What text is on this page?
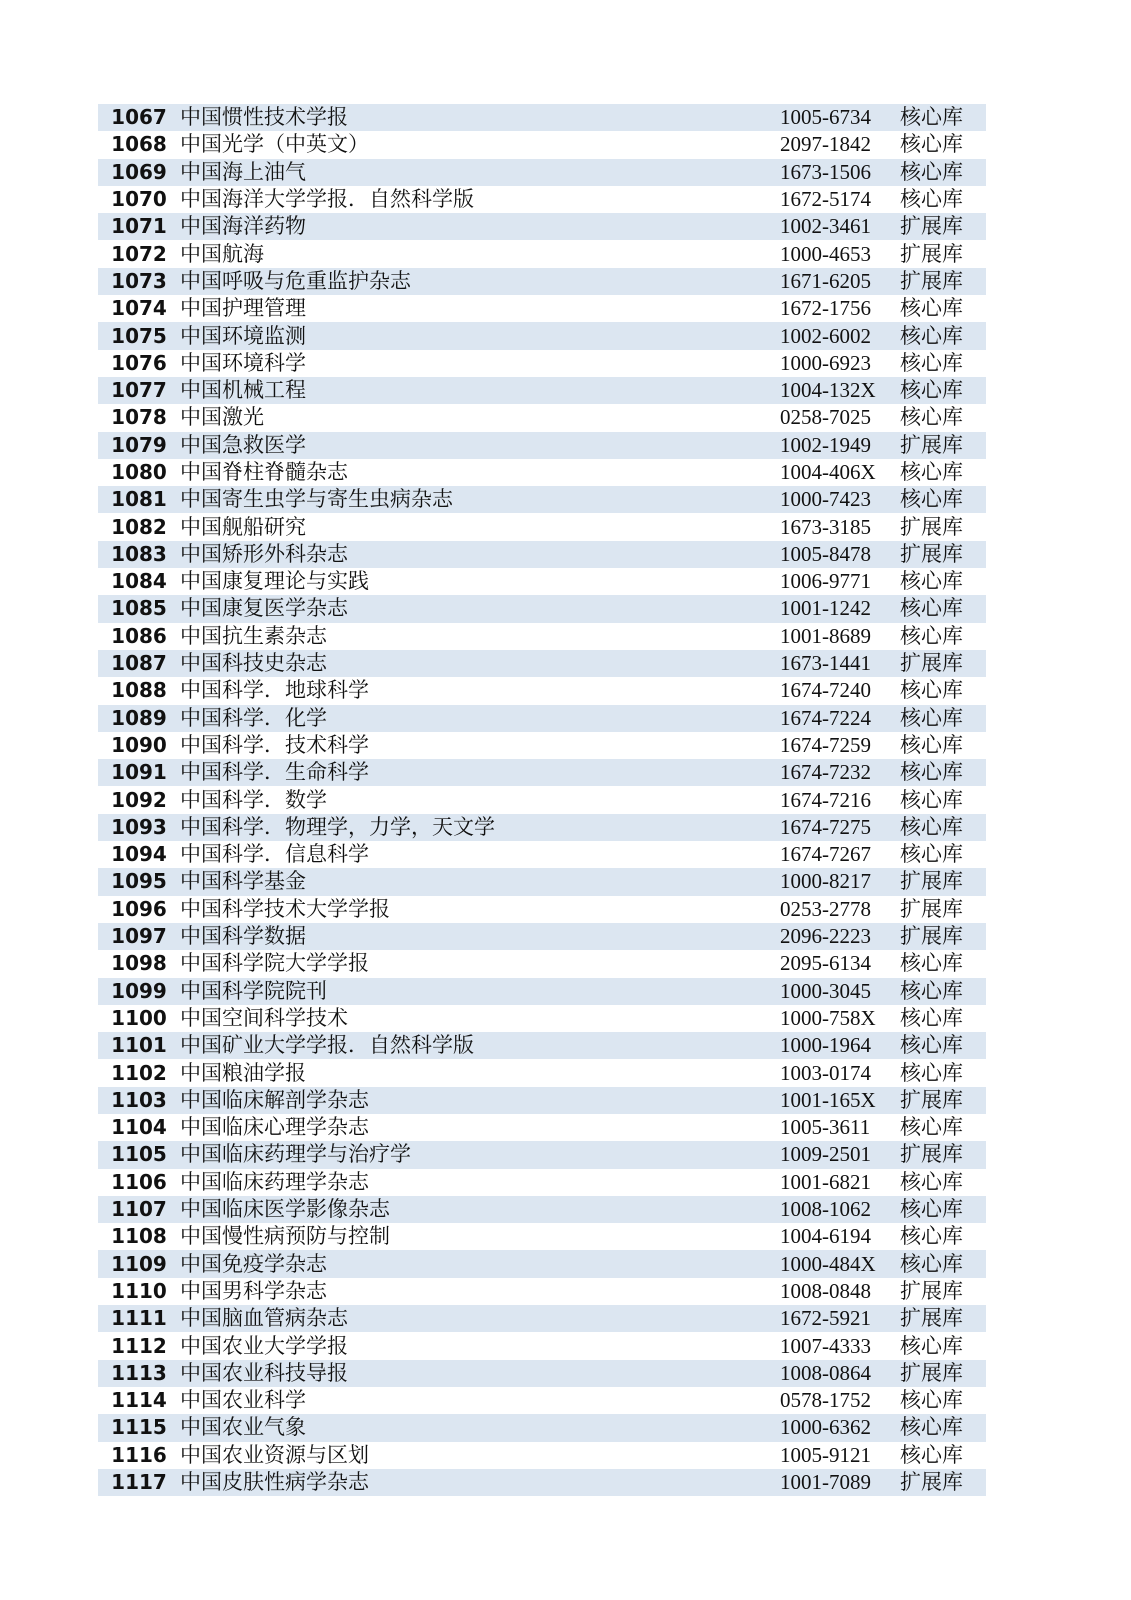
1067	中国惯性技术学报	1005-6734	核心库
1068	中国光学（中英文）	2097-1842	核心库
1069	中国海上油气	1673-1506	核心库
1070	中国海洋大学学报．自然科学版	1672-5174	核心库
1071	中国海洋药物	1002-3461	扩展库
1072	中国航海	1000-4653	扩展库
1073	中国呼吸与危重监护杂志	1671-6205	扩展库
1074	中国护理管理	1672-1756	核心库
1075	中国环境监测	1002-6002	核心库
1076	中国环境科学	1000-6923	核心库
1077	中国机械工程	1004-132X	核心库
1078	中国激光	0258-7025	核心库
1079	中国急救医学	1002-1949	扩展库
1080	中国脊柱脊髓杂志	1004-406X	核心库
1081	中国寄生虫学与寄生虫病杂志	1000-7423	核心库
1082	中国舰船研究	1673-3185	扩展库
1083	中国矫形外科杂志	1005-8478	扩展库
1084	中国康复理论与实践	1006-9771	核心库
1085	中国康复医学杂志	1001-1242	核心库
1086	中国抗生素杂志	1001-8689	核心库
1087	中国科技史杂志	1673-1441	扩展库
1088	中国科学．地球科学	1674-7240	核心库
1089	中国科学．化学	1674-7224	核心库
1090	中国科学．技术科学	1674-7259	核心库
1091	中国科学．生命科学	1674-7232	核心库
1092	中国科学．数学	1674-7216	核心库
1093	中国科学．物理学，力学，天文学	1674-7275	核心库
1094	中国科学．信息科学	1674-7267	核心库
1095	中国科学基金	1000-8217	扩展库
1096	中国科学技术大学学报	0253-2778	扩展库
1097	中国科学数据	2096-2223	扩展库
1098	中国科学院大学学报	2095-6134	核心库
1099	中国科学院院刊	1000-3045	核心库
1100	中国空间科学技术	1000-758X	核心库
1101	中国矿业大学学报．自然科学版	1000-1964	核心库
1102	中国粮油学报	1003-0174	核心库
1103	中国临床解剖学杂志	1001-165X	扩展库
1104	中国临床心理学杂志	1005-3611	核心库
1105	中国临床药理学与治疗学	1009-2501	扩展库
1106	中国临床药理学杂志	1001-6821	核心库
1107	中国临床医学影像杂志	1008-1062	核心库
1108	中国慢性病预防与控制	1004-6194	核心库
1109	中国免疫学杂志	1000-484X	核心库
1110	中国男科学杂志	1008-0848	扩展库
1111	中国脑血管病杂志	1672-5921	扩展库
1112	中国农业大学学报	1007-4333	核心库
1113	中国农业科技导报	1008-0864	扩展库
1114	中国农业科学	0578-1752	核心库
1115	中国农业气象	1000-6362	核心库
1116	中国农业资源与区划	1005-9121	核心库
1117	中国皮肤性病学杂志	1001-7089	扩展库
